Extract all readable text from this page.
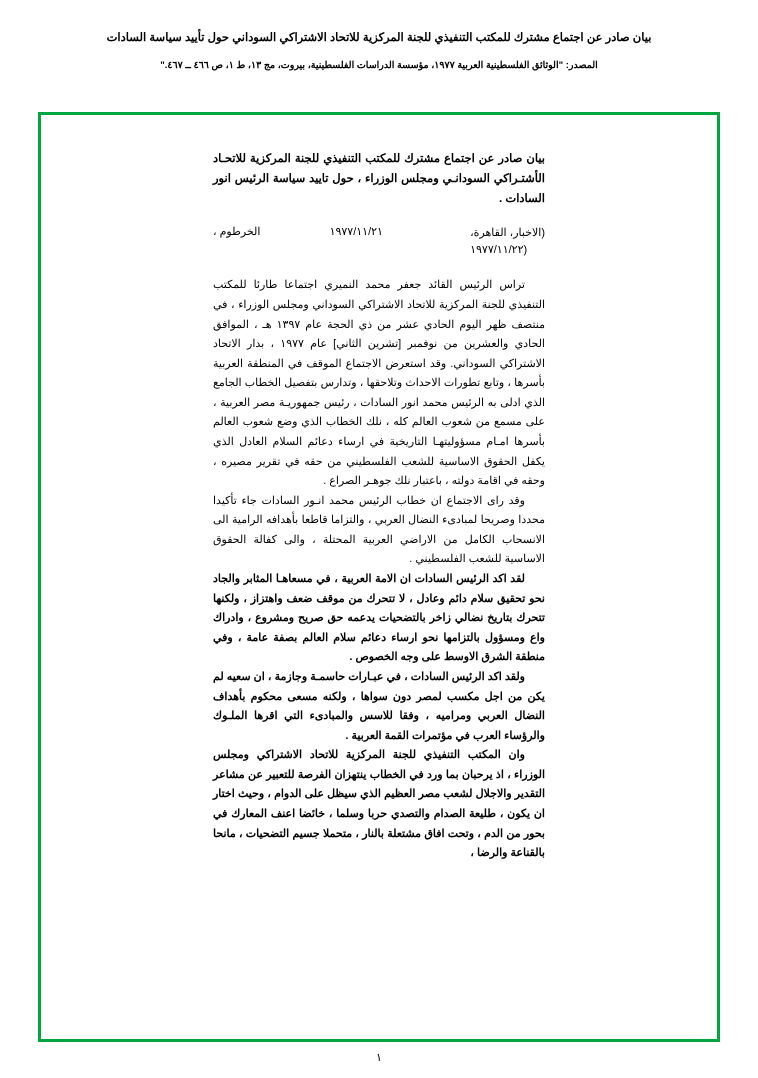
بيان صادر عن اجتماع مشترك للمكتب التنفيذي للجنة المركزية للاتحاد الاشتراكي السوداني حول تأييد سياسة السادات
المصدر: "الوثائق الفلسطينية العربية ١٩٧٧، مؤسسة الدراسات الفلسطينية، بيروت، مج ١٣، ط ١، ص ٤٦٦ ــ ٤٦٧."
بيان صادر عن اجتماع مشترك للمكتب التنفيذي للجنة المركزية للاتحـاد الأشتـراكي السودانـي ومجلس الوزراء ، حول تاييد سياسة الرئيس انور السادات .
الخرطوم ،	١٩٧٧/١١/٢١	(الاخبار، القاهرة،
(١٩٧٧/١١/٢٢

تراس الرئيس القائد جعفر محمد النميري اجتماعا طارئا للمكتب التنفيذي للجنة المركزية للاتحاد الاشتراكي السوداني ومجلس الوزراء ، في منتصف ظهر اليوم الحادي عشر من ذي الحجة عام ١٣٩٧ هـ ، الموافق الحادي والعشرين من نوفمبر [تشرين الثاني] عام ١٩٧٧ ، بدار الاتحاد الاشتراكي السوداني. وقد استعرض الاجتماع الموقف في المنطقة العربية بأسرها ، وتابع تطورات الاحداث وتلاحقها ، وتدارس بتفصيل الخطاب الجامع الذي ادلى به الرئيس محمد انور السادات ، رئيس جمهوريـة مصر العربية ، على مسمع من شعوب العالم كله ، نلك الخطاب الذي وضع شعوب العالم بأسرها امـام مسؤوليتهـا التاريخية في ارساء دعائم السلام العادل الذي يكفل الحقوق الاساسية للشعب الفلسطيني من حقه في تقرير مصيره ، وحقه في اقامة دولته ، باعتبار نلك جوهـر الصراع .

وقد راى الاجتماع ان خطاب الرئيس محمد انـور السادات جاء تأكيدا محددا وصريحا لمبادىء النضال العربي ، والتزاما قاطعا بأهدافه الرامية الى الانسحاب الكامل من الاراضي العربية المحتلة ، والى كفالة الحقوق الاساسية للشعب الفلسطيني .

لقد اكد الرئيس السادات ان الامة العربية ، في مسعاهـا المثابر والجاد نحو تحقيق سلام دائم وعادل ، لا تتحرك من موقف ضعف واهتزاز ، ولكنها تتحرك بتاريخ نضالي زاخر بالتضحيات يدعمه حق صريح ومشروع ، وادراك واع ومسؤول بالتزامها نحو ارساء دعائم سلام العالم بصفة عامة ، وفي منطقة الشرق الاوسط على وجه الخصوص .

ولقد اكد الرئيس السادات ، في عبـارات حاسمـة وجازمة ، ان سعيه لم يكن من اجل مكسب لمصر دون سواها ، ولكنه مسعى محكوم بأهداف النضال العربي ومراميه ، وفقا للاسس والمبادىء التي اقرها الملـوك والرؤساء العرب في مؤتمرات القمة العربية .

وان المكتب التنفيذي للجنة المركزية للاتحاد الاشتراكي ومجلس الوزراء ، اذ يرحبان بما ورد في الخطاب ينتهزان الفرصة للتعبير عن مشاعر التقدير والاجلال لشعب مصر العظيم الذي سيظل على الدوام ، وحيث اختار ان يكون ، طليعة الصدام والتصدي حربا وسلما ، خائضا اعنف المعارك في بحور من الدم ، وتحت افاق مشتعلة بالنار ، متحملا جسيم التضحيات ، مانحا بالقناعة والرضا ،

١
